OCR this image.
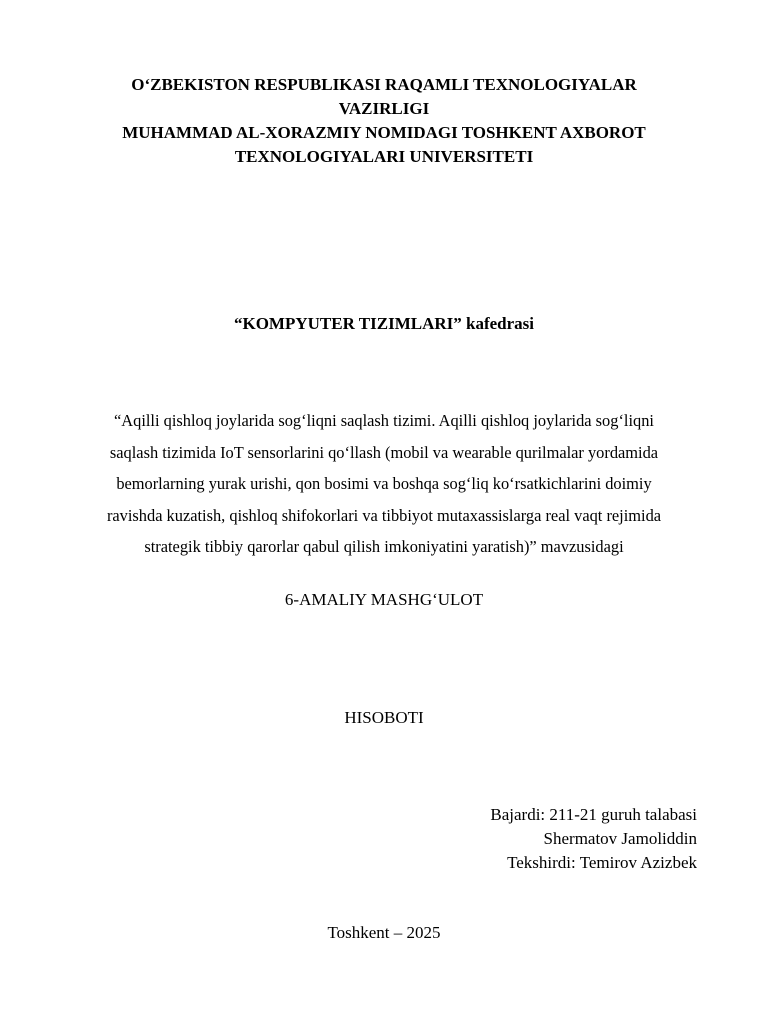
O‘ZBEKISTON RESPUBLIKASI RAQAMLI TEXNOLOGIYALAR
VAZIRLIGI
MUHAMMAD AL-XORAZMIY NOMIDAGI TOSHKENT AXBOROT
TEXNOLOGIYALARI UNIVERSITETI
“KOMPYUTER TIZIMLARI” kafedrasi
“Aqilli qishloq joylarida sog‘liqni saqlash tizimi. Aqilli qishloq joylarida sog‘liqni
saqlash tizimida IoT sensorlarini qo‘llash (mobil va wearable qurilmalar yordamida
bemorlarning yurak urishi, qon bosimi va boshqa sog‘liq ko‘rsatkichlarini doimiy
ravishda kuzatish, qishloq shifokorlari va tibbiyot mutaxassislarga real vaqt rejimida
strategik tibbiy qarorlar qabul qilish imkoniyatini yaratish)” mavzusidagi
6-AMALIY MASHG‘ULOT
HISOBOTI
Bajardi: 211-21 guruh talabasi
Shermatov Jamoliddin
Tekshirdi: Temirov Azizbek
Toshkent – 2025
